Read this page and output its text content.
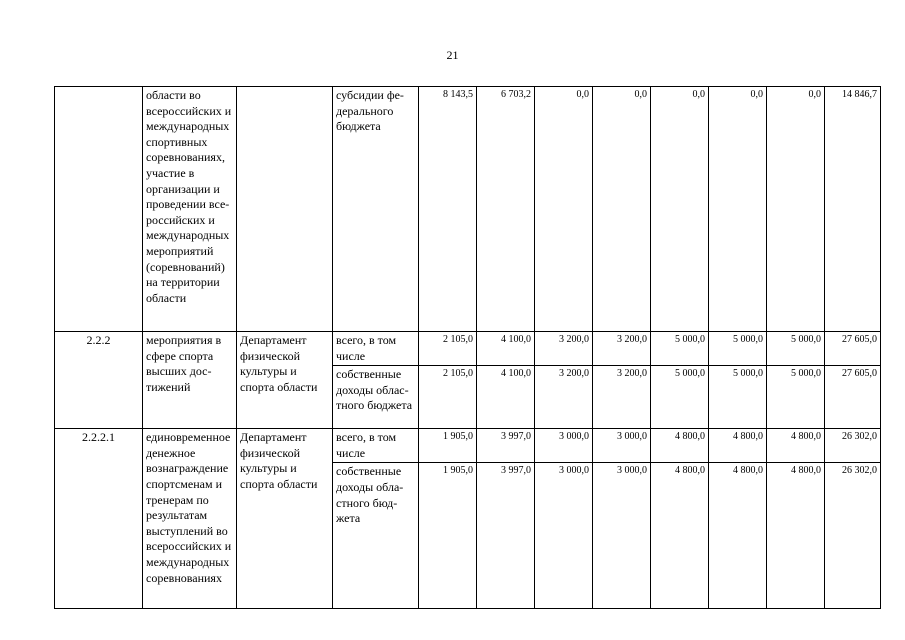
21
	области во всероссийских и международных спортивных соревнованиях, участие в организации и проведении всероссийских и международных мероприятий (соревнований) на территории области		субсидии федерального бюджета	8 143,5	6 703,2	0,0	0,0	0,0	0,0	0,0	14 846,7
2.2.2	мероприятия в сфере спорта высших достижений	Департамент физической культуры и спорта области	всего, в том числе	2 105,0	4 100,0	3 200,0	3 200,0	5 000,0	5 000,0	5 000,0	27 605,0
			собственные доходы областного бюджета	2 105,0	4 100,0	3 200,0	3 200,0	5 000,0	5 000,0	5 000,0	27 605,0
2.2.2.1	единовременное денежное вознаграждение спортсменам и тренерам по результатам выступлений во всероссийских и международных соревнованиях	Департамент физической культуры и спорта области	всего, в том числе	1 905,0	3 997,0	3 000,0	3 000,0	4 800,0	4 800,0	4 800,0	26 302,0
			собственные доходы областного бюджета	1 905,0	3 997,0	3 000,0	3 000,0	4 800,0	4 800,0	4 800,0	26 302,0
